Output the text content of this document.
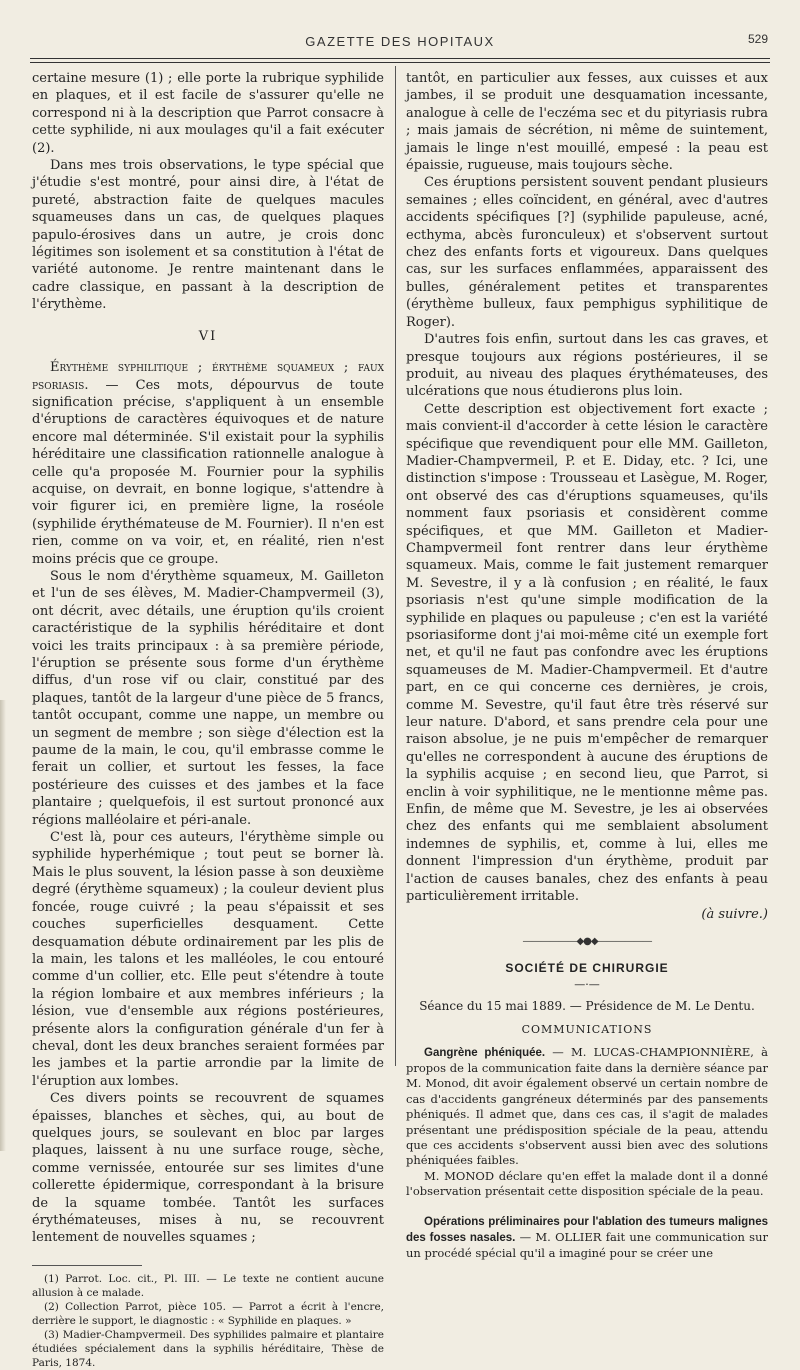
GAZETTE DES HOPITAUX	529

certaine mesure (1) ; elle porte la rubrique syphilide en plaques, et il est facile de s'assurer qu'elle ne correspond ni à la description que Parrot consacre à cette syphilide, ni aux moulages qu'il a fait exécuter (2).

Dans mes trois observations, le type spécial que j'étudie s'est montré, pour ainsi dire, à l'état de pureté, abstraction faite de quelques macules squameuses dans un cas, de quelques plaques papulo-érosives dans un autre, je crois donc légitimes son isolement et sa constitution à l'état de variété autonome. Je rentre maintenant dans le cadre classique, en passant à la description de l'érythème.

VI

Érythème syphilitique ; érythème squameux ; faux psoriasis. — Ces mots, dépourvus de toute signification précise, s'appliquent à un ensemble d'éruptions de caractères équivoques et de nature encore mal déterminée. S'il existait pour la syphilis héréditaire une classification rationnelle analogue à celle qu'a proposée M. Fournier pour la syphilis acquise, on devrait, en bonne logique, s'attendre à voir figurer ici, en première ligne, la roséole (syphilide érythémateuse de M. Fournier). Il n'en est rien, comme on va voir, et, en réalité, rien n'est moins précis que ce groupe.

Sous le nom d'érythème squameux, M. Gailleton et l'un de ses élèves, M. Madier-Champvermeil (3), ont décrit, avec détails, une éruption qu'ils croient caractéristique de la syphilis héréditaire et dont voici les traits principaux : à sa première période, l'éruption se présente sous forme d'un érythème diffus, d'un rose vif ou clair, constitué par des plaques, tantôt de la largeur d'une pièce de 5 francs, tantôt occupant, comme une nappe, un membre ou un segment de membre ; son siège d'élection est la paume de la main, le cou, qu'il embrasse comme le ferait un collier, et surtout les fesses, la face postérieure des cuisses et des jambes et la face plantaire ; quelquefois, il est surtout prononcé aux régions malléolaire et péri-anale.

C'est là, pour ces auteurs, l'érythème simple ou syphilide hyperhémique ; tout peut se borner là. Mais le plus souvent, la lésion passe à son deuxième degré (érythème squameux) ; la couleur devient plus foncée, rouge cuivré ; la peau s'épaissit et ses couches superficielles desquament. Cette desquamation débute ordinairement par les plis de la main, les talons et les malléoles, le cou entouré comme d'un collier, etc. Elle peut s'étendre à toute la région lombaire et aux membres inférieurs ; la lésion, vue d'ensemble aux régions postérieures, présente alors la configuration générale d'un fer à cheval, dont les deux branches seraient formées par les jambes et la partie arrondie par la limite de l'éruption aux lombes.

Ces divers points se recouvrent de squames épaisses, blanches et sèches, qui, au bout de quelques jours, se soulevant en bloc par larges plaques, laissent à nu une surface rouge, sèche, comme vernissée, entourée sur ses limites d'une collerette épidermique, correspondant à la brisure de la squame tombée. Tantôt les surfaces érythémateuses, mises à nu, se recouvrent lentement de nouvelles squames ;

(1) Parrot. Loc. cit., Pl. III. — Le texte ne contient aucune allusion à ce malade.

(2) Collection Parrot, pièce 105. — Parrot a écrit à l'encre, derrière le support, le diagnostic : « Syphilide en plaques. »

(3) Madier-Champvermeil. Des syphilides palmaire et plantaire étudiées spécialement dans la syphilis héréditaire, Thèse de Paris, 1874.

tantôt, en particulier aux fesses, aux cuisses et aux jambes, il se produit une desquamation incessante, analogue à celle de l'eczéma sec et du pityriasis rubra ; mais jamais de sécrétion, ni même de suintement, jamais le linge n'est mouillé, empesé : la peau est épaissie, rugueuse, mais toujours sèche.

Ces éruptions persistent souvent pendant plusieurs semaines ; elles coïncident, en général, avec d'autres accidents spécifiques [?] (syphilide papuleuse, acné, ecthyma, abcès furonculeux) et s'observent surtout chez des enfants forts et vigoureux. Dans quelques cas, sur les surfaces enflammées, apparaissent des bulles, généralement petites et transparentes (érythème bulleux, faux pemphigus syphilitique de Roger).

D'autres fois enfin, surtout dans les cas graves, et presque toujours aux régions postérieures, il se produit, au niveau des plaques érythémateuses, des ulcérations que nous étudierons plus loin.

Cette description est objectivement fort exacte ; mais convient-il d'accorder à cette lésion le caractère spécifique que revendiquent pour elle MM. Gailleton, Madier-Champvermeil, P. et E. Diday, etc. ? Ici, une distinction s'impose : Trousseau et Lasègue, M. Roger, ont observé des cas d'éruptions squameuses, qu'ils nomment faux psoriasis et considèrent comme spécifiques, et que MM. Gailleton et Madier-Champvermeil font rentrer dans leur érythème squameux. Mais, comme le fait justement remarquer M. Sevestre, il y a là confusion ; en réalité, le faux psoriasis n'est qu'une simple modification de la syphilide en plaques ou papuleuse ; c'en est la variété psoriasiforme dont j'ai moi-même cité un exemple fort net, et qu'il ne faut pas confondre avec les éruptions squameuses de M. Madier-Champvermeil. Et d'autre part, en ce qui concerne ces dernières, je crois, comme M. Sevestre, qu'il faut être très réservé sur leur nature. D'abord, et sans prendre cela pour une raison absolue, je ne puis m'empêcher de remarquer qu'elles ne correspondent à aucune des éruptions de la syphilis acquise ; en second lieu, que Parrot, si enclin à voir syphilitique, ne le mentionne même pas. Enfin, de même que M. Sevestre, je les ai observées chez des enfants qui me semblaient absolument indemnes de syphilis, et, comme à lui, elles me donnent l'impression d'un érythème, produit par l'action de causes banales, chez des enfants à peau particulièrement irritable.

(à suivre.)

——————◆●◆——————
SOCIÉTÉ DE CHIRURGIE
—·—
Séance du 15 mai 1889. — Présidence de M. Le Dentu.
COMMUNICATIONS

Gangrène phéniquée. — M. LUCAS-CHAMPIONNIÈRE, à propos de la communication faite dans la dernière séance par M. Monod, dit avoir également observé un certain nombre de cas d'accidents gangréneux déterminés par des pansements phéniqués. Il admet que, dans ces cas, il s'agit de malades présentant une prédisposition spéciale de la peau, attendu que ces accidents s'observent aussi bien avec des solutions phéniquées faibles.

M. MONOD déclare qu'en effet la malade dont il a donné l'observation présentait cette disposition spéciale de la peau.

Opérations préliminaires pour l'ablation des tumeurs malignes des fosses nasales. — M. OLLIER fait une communication sur un procédé spécial qu'il a imaginé pour se créer une
